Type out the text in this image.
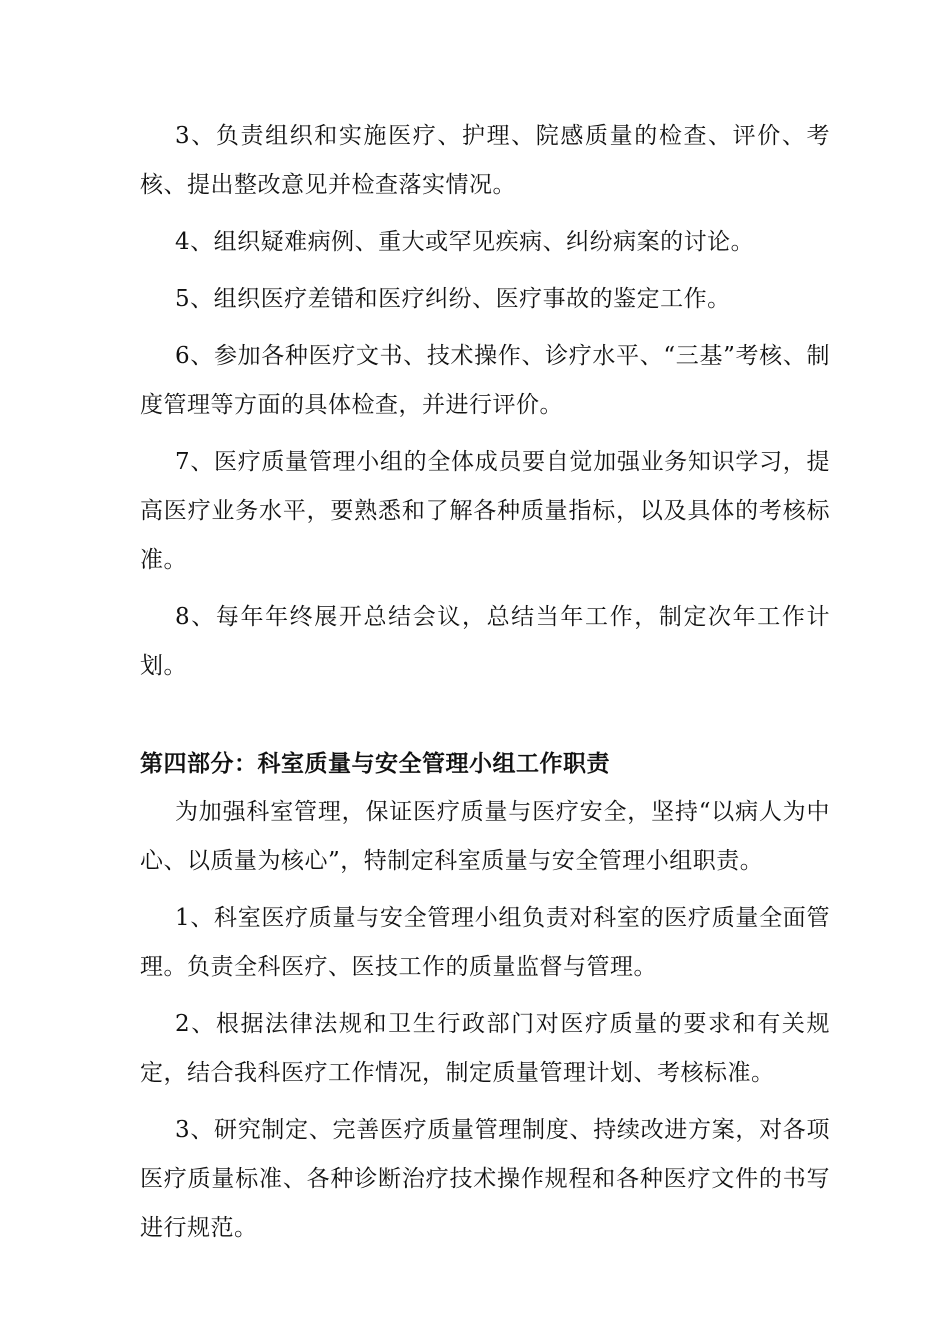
3、负责组织和实施医疗、护理、院感质量的检查、评价、考核、提出整改意见并检查落实情况。

4、组织疑难病例、重大或罕见疾病、纠纷病案的讨论。

5、组织医疗差错和医疗纠纷、医疗事故的鉴定工作。

6、参加各种医疗文书、技术操作、诊疗水平、“三基”考核、制度管理等方面的具体检查，并进行评价。

7、医疗质量管理小组的全体成员要自觉加强业务知识学习，提高医疗业务水平，要熟悉和了解各种质量指标，以及具体的考核标准。

8、每年年终展开总结会议，总结当年工作，制定次年工作计划。

第四部分：科室质量与安全管理小组工作职责

为加强科室管理，保证医疗质量与医疗安全，坚持“以病人为中心、以质量为核心”，特制定科室质量与安全管理小组职责。

1、科室医疗质量与安全管理小组负责对科室的医疗质量全面管理。负责全科医疗、医技工作的质量监督与管理。

2、根据法律法规和卫生行政部门对医疗质量的要求和有关规定，结合我科医疗工作情况，制定质量管理计划、考核标准。

3、研究制定、完善医疗质量管理制度、持续改进方案，对各项医疗质量标准、各种诊断治疗技术操作规程和各种医疗文件的书写进行规范。
